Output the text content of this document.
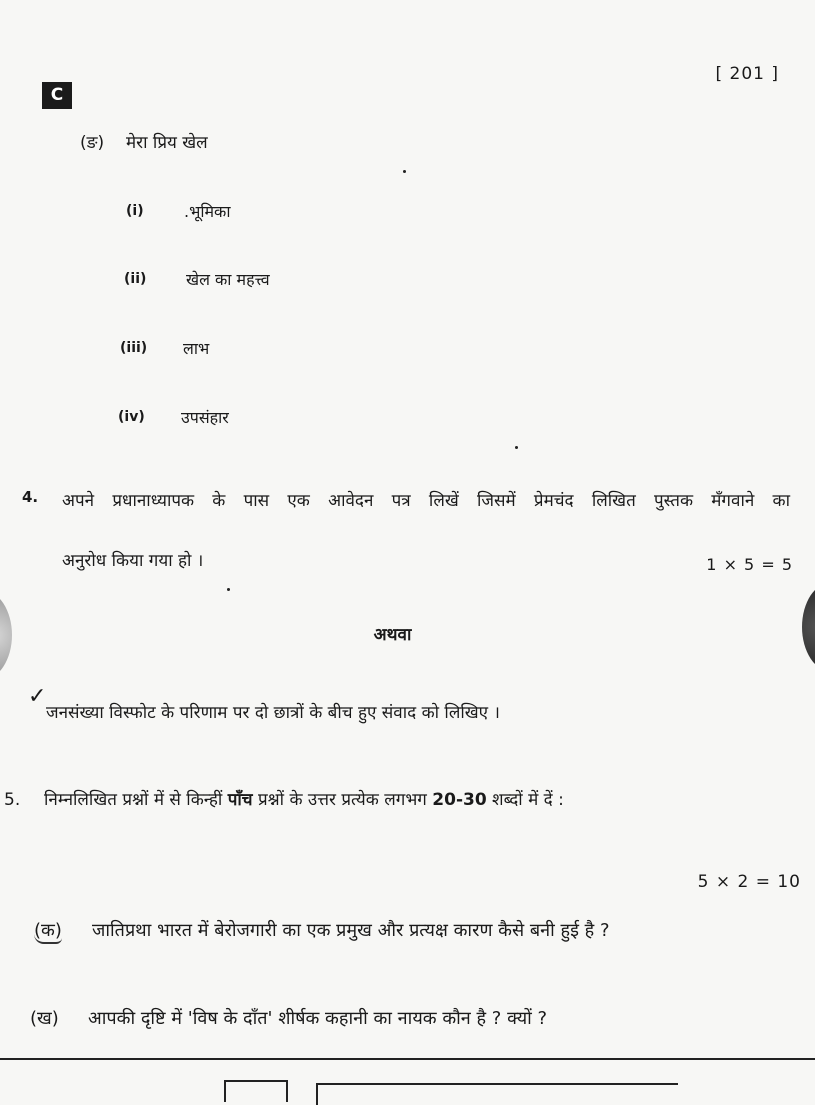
[ 201 ]
C
(ङ) मेरा प्रिय खेल
(i)	.भूमिका
(ii) खेल का महत्त्व
(iii) लाभ
(iv) उपसंहार
4.	अपने प्रधानाध्यापक के पास एक आवेदन पत्र लिखें जिसमें प्रेमचंद लिखित पुस्तक मँगवाने का
अनुरोध किया गया हो ।	1 × 5 = 5
अथवा
✓
जनसंख्या विस्फोट के परिणाम पर दो छात्रों के बीच हुए संवाद को लिखिए ।
5. निम्नलिखित प्रश्नों में से किन्हीं पाँच प्रश्नों के उत्तर प्रत्येक लगभग 20-30 शब्दों में दें :
5 × 2 = 10
(क) जातिप्रथा भारत में बेरोजगारी का एक प्रमुख और प्रत्यक्ष कारण कैसे बनी हुई है ?
(ख) आपकी दृष्टि में 'विष के दाँत' शीर्षक कहानी का नायक कौन है ? क्यों ?
